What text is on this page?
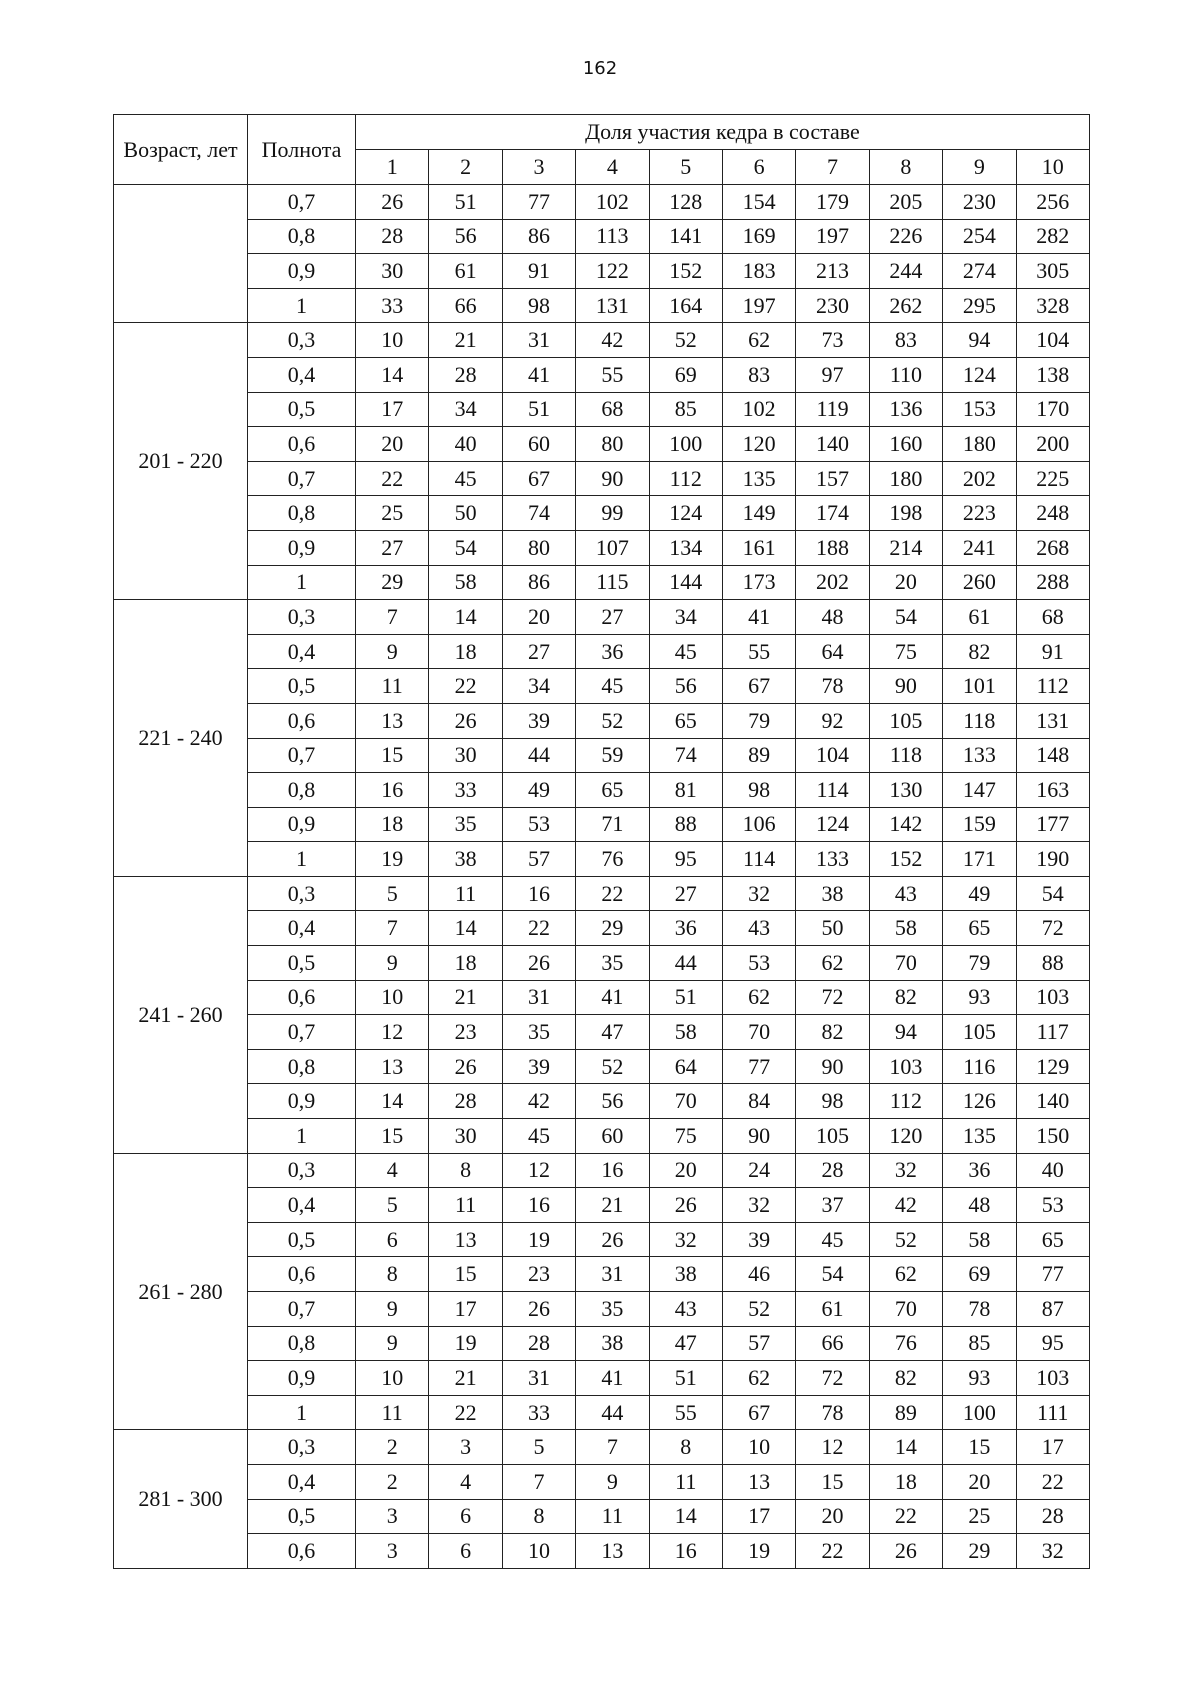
162
Возраст, лет	Полнота	Доля участия кедра в составе									
		1	2	3	4	5	6	7	8	9	10
	0,7	26	51	77	102	128	154	179	205	230	256
	0,8	28	56	86	113	141	169	197	226	254	282
	0,9	30	61	91	122	152	183	213	244	274	305
	1	33	66	98	131	164	197	230	262	295	328
201 - 220	0,3	10	21	31	42	52	62	73	83	94	104
	0,4	14	28	41	55	69	83	97	110	124	138
	0,5	17	34	51	68	85	102	119	136	153	170
	0,6	20	40	60	80	100	120	140	160	180	200
	0,7	22	45	67	90	112	135	157	180	202	225
	0,8	25	50	74	99	124	149	174	198	223	248
	0,9	27	54	80	107	134	161	188	214	241	268
	1	29	58	86	115	144	173	202	20	260	288
221 - 240	0,3	7	14	20	27	34	41	48	54	61	68
	0,4	9	18	27	36	45	55	64	75	82	91
	0,5	11	22	34	45	56	67	78	90	101	112
	0,6	13	26	39	52	65	79	92	105	118	131
	0,7	15	30	44	59	74	89	104	118	133	148
	0,8	16	33	49	65	81	98	114	130	147	163
	0,9	18	35	53	71	88	106	124	142	159	177
	1	19	38	57	76	95	114	133	152	171	190
241 - 260	0,3	5	11	16	22	27	32	38	43	49	54
	0,4	7	14	22	29	36	43	50	58	65	72
	0,5	9	18	26	35	44	53	62	70	79	88
	0,6	10	21	31	41	51	62	72	82	93	103
	0,7	12	23	35	47	58	70	82	94	105	117
	0,8	13	26	39	52	64	77	90	103	116	129
	0,9	14	28	42	56	70	84	98	112	126	140
	1	15	30	45	60	75	90	105	120	135	150
261 - 280	0,3	4	8	12	16	20	24	28	32	36	40
	0,4	5	11	16	21	26	32	37	42	48	53
	0,5	6	13	19	26	32	39	45	52	58	65
	0,6	8	15	23	31	38	46	54	62	69	77
	0,7	9	17	26	35	43	52	61	70	78	87
	0,8	9	19	28	38	47	57	66	76	85	95
	0,9	10	21	31	41	51	62	72	82	93	103
	1	11	22	33	44	55	67	78	89	100	111
281 - 300	0,3	2	3	5	7	8	10	12	14	15	17
	0,4	2	4	7	9	11	13	15	18	20	22
	0,5	3	6	8	11	14	17	20	22	25	28
	0,6	3	6	10	13	16	19	22	26	29	32
